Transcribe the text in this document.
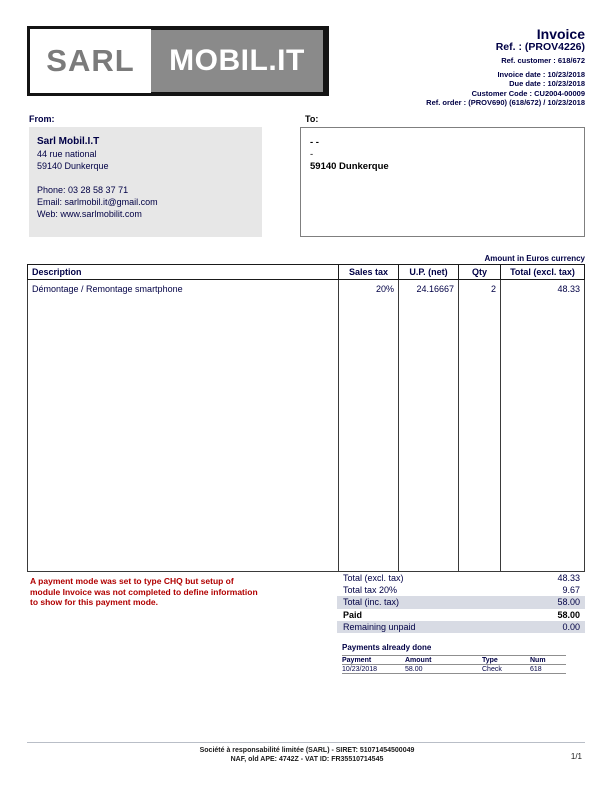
SARL MOBIL.IT
Invoice
Ref. : (PROV4226)
Ref. customer : 618/672
Invoice date : 10/23/2018
Due date : 10/23/2018
Customer Code : CU2004-00009
Ref. order : (PROV690) (618/672) / 10/23/2018
From:
Sarl Mobil.I.T
44 rue national
59140 Dunkerque
Phone: 03 28 58 37 71
Email: sarlmobil.it@gmail.com
Web: www.sarlmobilit.com
To:
- -
-
59140 Dunkerque
Amount in Euros currency
Description	Sales tax	U.P. (net)	Qty	Total (excl. tax)
Démontage / Remontage smartphone	20%	24.16667	2	48.33
A payment mode was set to type CHQ but setup of
module Invoice was not completed to define information
to show for this payment mode.
Total (excl. tax)	48.33
Total tax 20%	9.67
Total (inc. tax)	58.00
Paid	58.00
Remaining unpaid	0.00
Payments already done
Payment	Amount	Type	Num
10/23/2018	58.00	Check	618
Société à responsabilité limitée (SARL) - SIRET: 51071454500049
NAF, old APE: 4742Z - VAT ID: FR35510714545	1/1
